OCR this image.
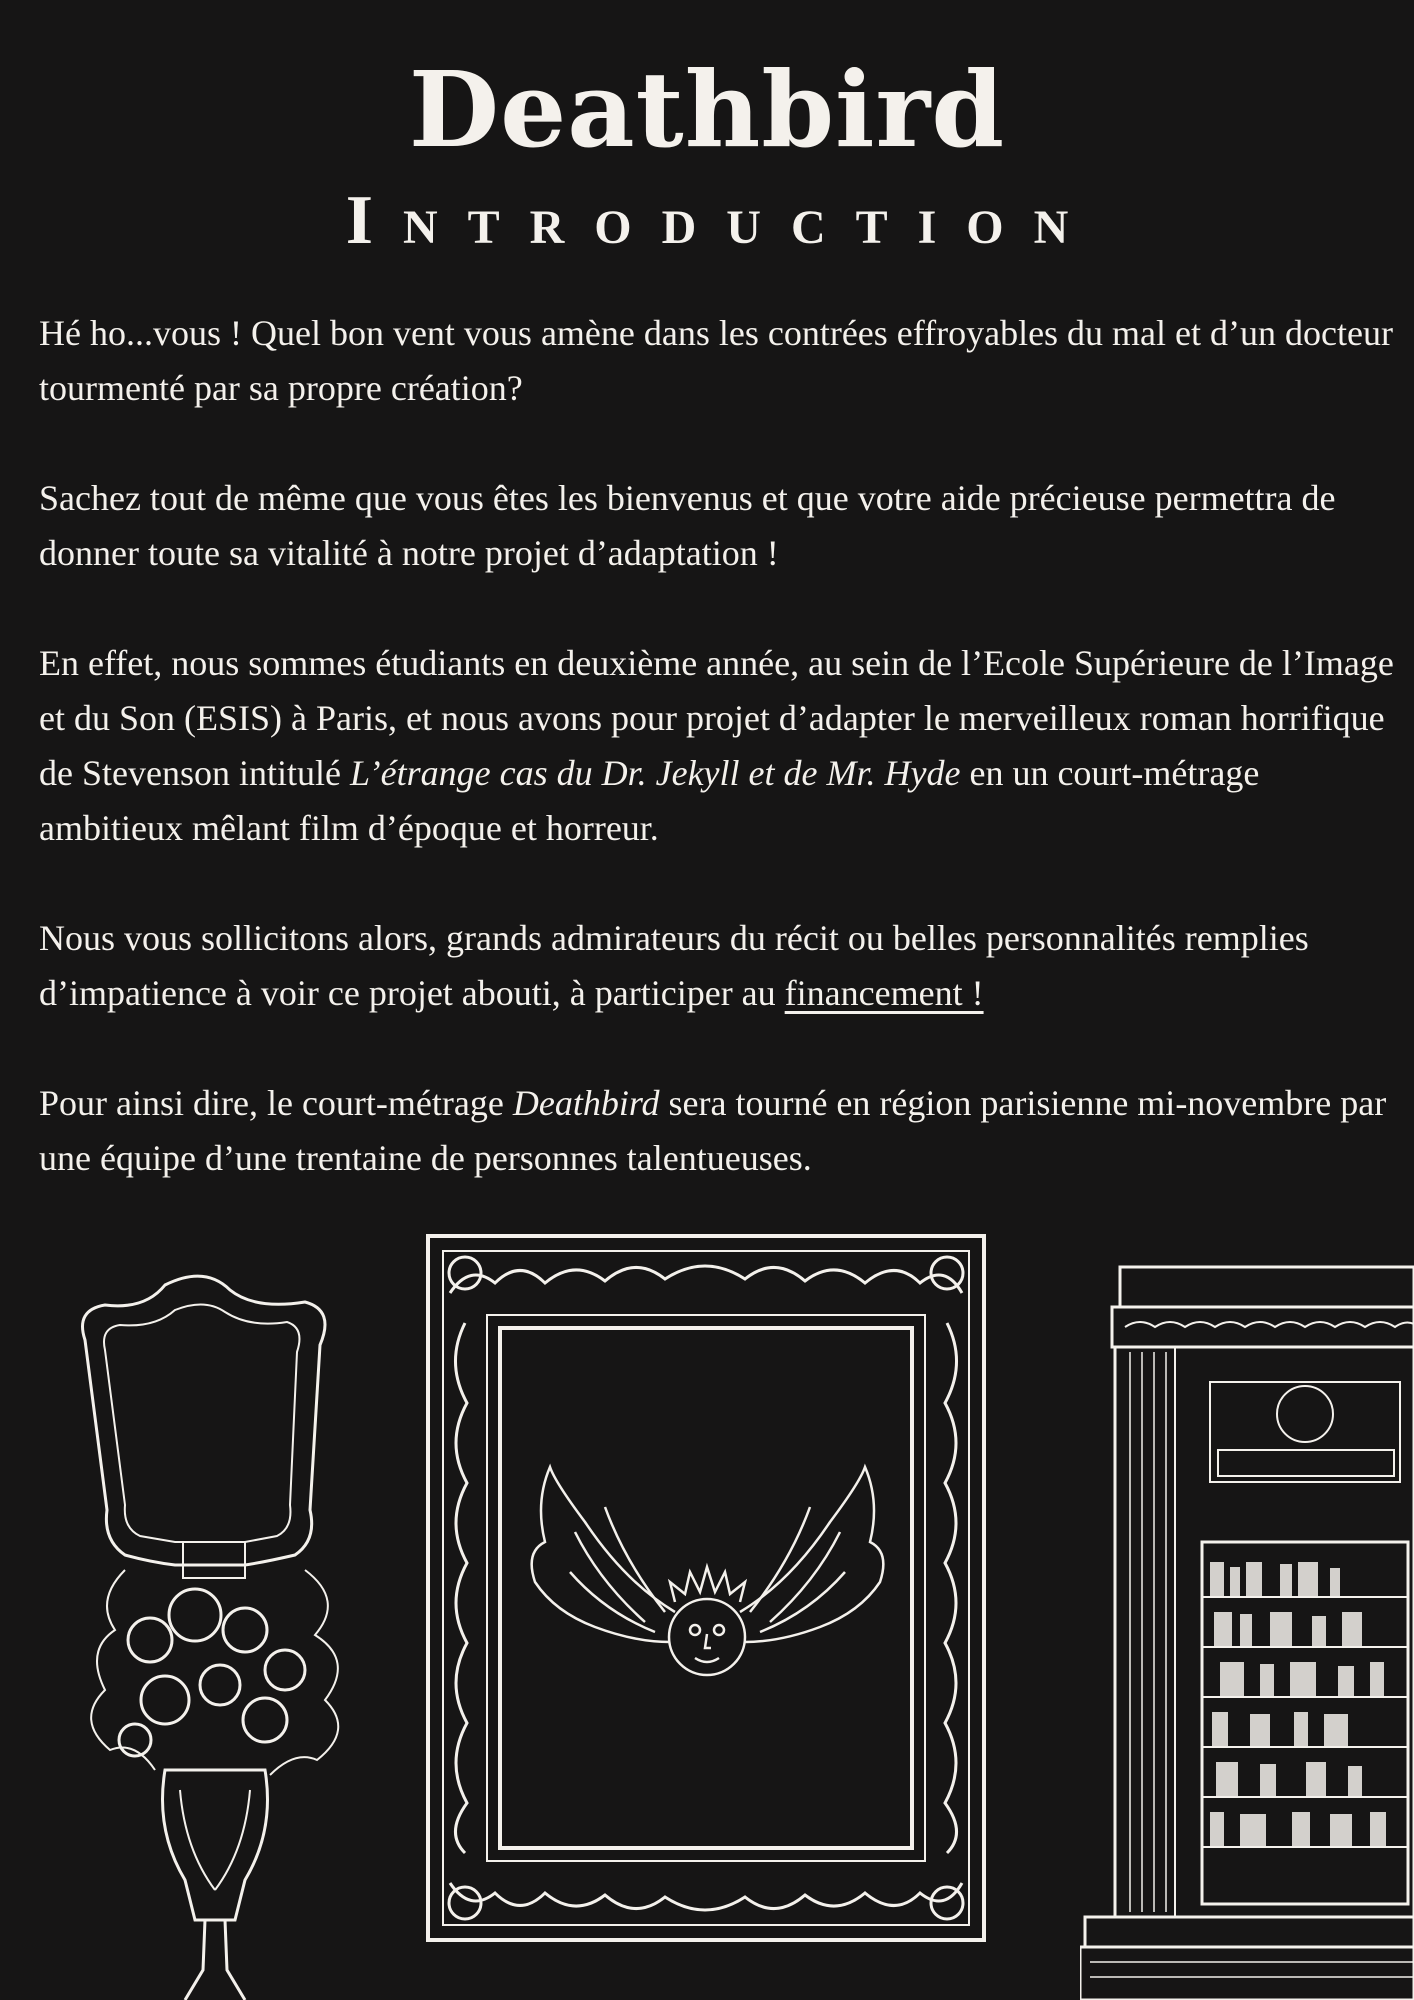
Deathbird
INTRODUCTION

Hé ho...vous ! Quel bon vent vous amène dans les contrées effroyables du mal et d’un docteur tourmenté par sa propre création?

Sachez tout de même que vous êtes les bienvenus et que votre aide précieuse permettra de donner toute sa vitalité à notre projet d’adaptation !

En effet, nous sommes étudiants en deuxième année, au sein de l’Ecole Supérieure de l’Image et du Son (ESIS) à Paris, et nous avons pour projet d’adapter le merveilleux roman horrifique de Stevenson intitulé L’étrange cas du Dr. Jekyll et de Mr. Hyde en un court-métrage ambitieux mêlant film d’époque et horreur.

Nous vous sollicitons alors, grands admirateurs du récit ou belles personnalités remplies d’impatience à voir ce projet abouti, à participer au financement !

Pour ainsi dire, le court-métrage Deathbird sera tourné en région parisienne mi-novembre par une équipe d’une trentaine de personnes talentueuses.
